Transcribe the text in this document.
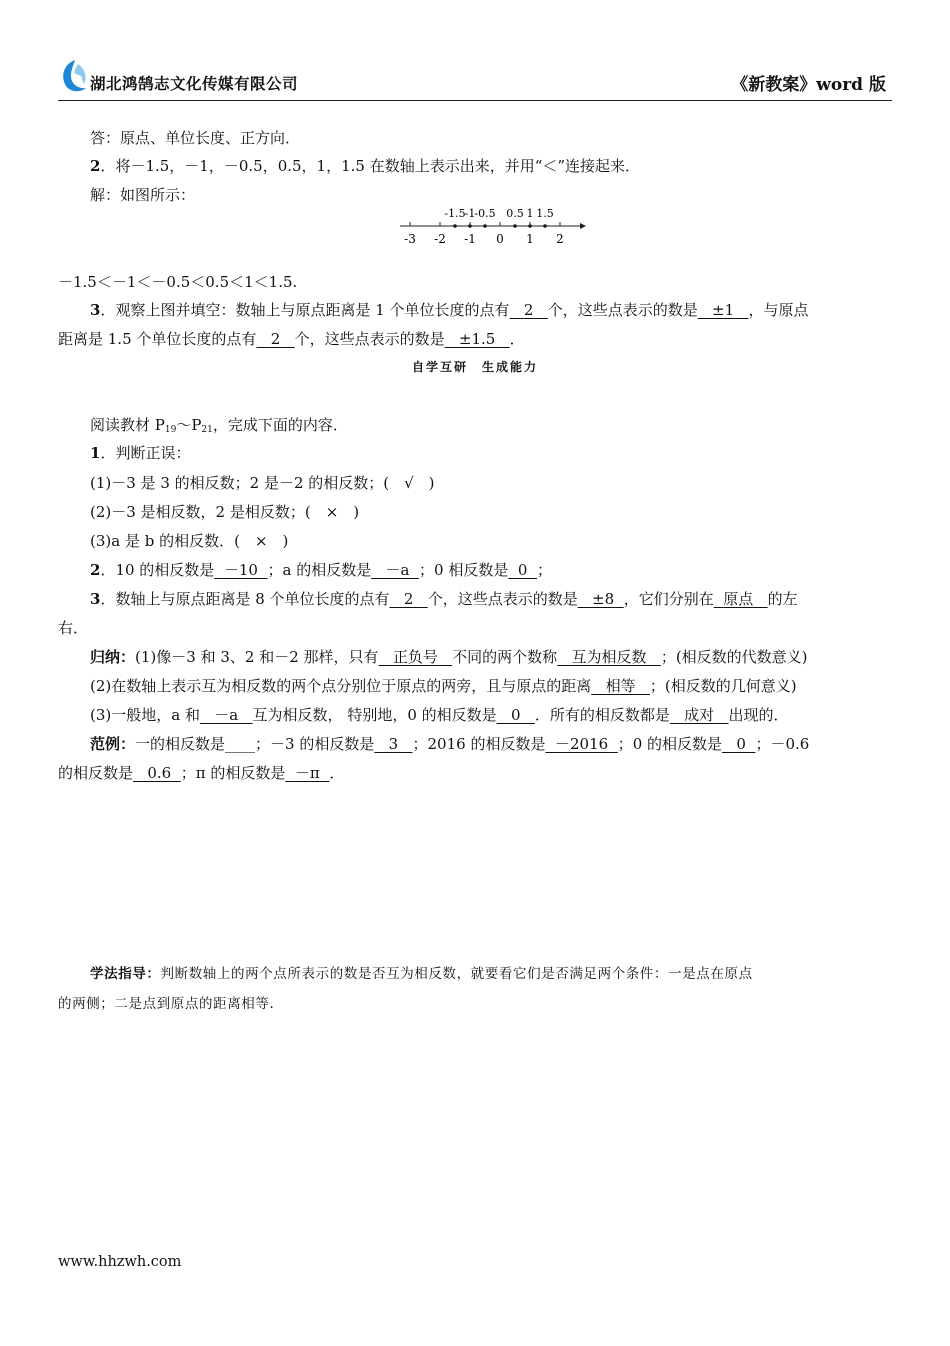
湖北鸿鹄志文化传媒有限公司	《新教案》word 版
答：原点、单位长度、正方向．
2．将－1.5，－1，－0.5，0.5，1，1.5 在数轴上表示出来，并用“＜”连接起来．
解：如图所示：
-1.5 -1 -0.5 0.5 1 1.5
-3 -2 -1 0 1 2
－1.5＜－1＜－0.5＜0.5＜1＜1.5.
3．观察上图并填空：数轴上与原点距离是 1 个单位长度的点有 2 个，这些点表示的数是 ±1 ，与原点
距离是 1.5 个单位长度的点有 2 个，这些点表示的数是 ±1.5 ．
自学互研　生成能力
阅读教材 $P_{19}\sim P_{21}$，完成下面的内容．
1．判断正误：
(1)－3 是 3 的相反数；2 是－2 的相反数；(　√　)
(2)－3 是相反数，2 是相反数；(　×　)
(3)a 是 b 的相反数．(　×　)
2．10 的相反数是 －10 ；a 的相反数是 －a ；0 相反数是 0 ；
3．数轴上与原点距离是 8 个单位长度的点有 2 个，这些点表示的数是 ±8 ，它们分别在 原点 的左
右．
归纳：(1)像－3 和 3、2 和－2 那样，只有 正负号 不同的两个数称 互为相反数 ；(相反数的代数意义)
(2)在数轴上表示互为相反数的两个点分别位于原点的两旁，且与原点的距离 相等 ；(相反数的几何意义)
(3)一般地，a 和 －a 互为相反数， 特别地，0 的相反数是 0 ．所有的相反数都是 成对 出现的．
范例：一的相反数是____；－3 的相反数是 3 ；2016 的相反数是 －2016 ；0 的相反数是 0 ；－0.6
的相反数是 0.6 ；π 的相反数是 －π ．
学法指导：判断数轴上的两个点所表示的数是否互为相反数，就要看它们是否满足两个条件：一是点在原点
的两侧；二是点到原点的距离相等．
www.hhzwh.com
